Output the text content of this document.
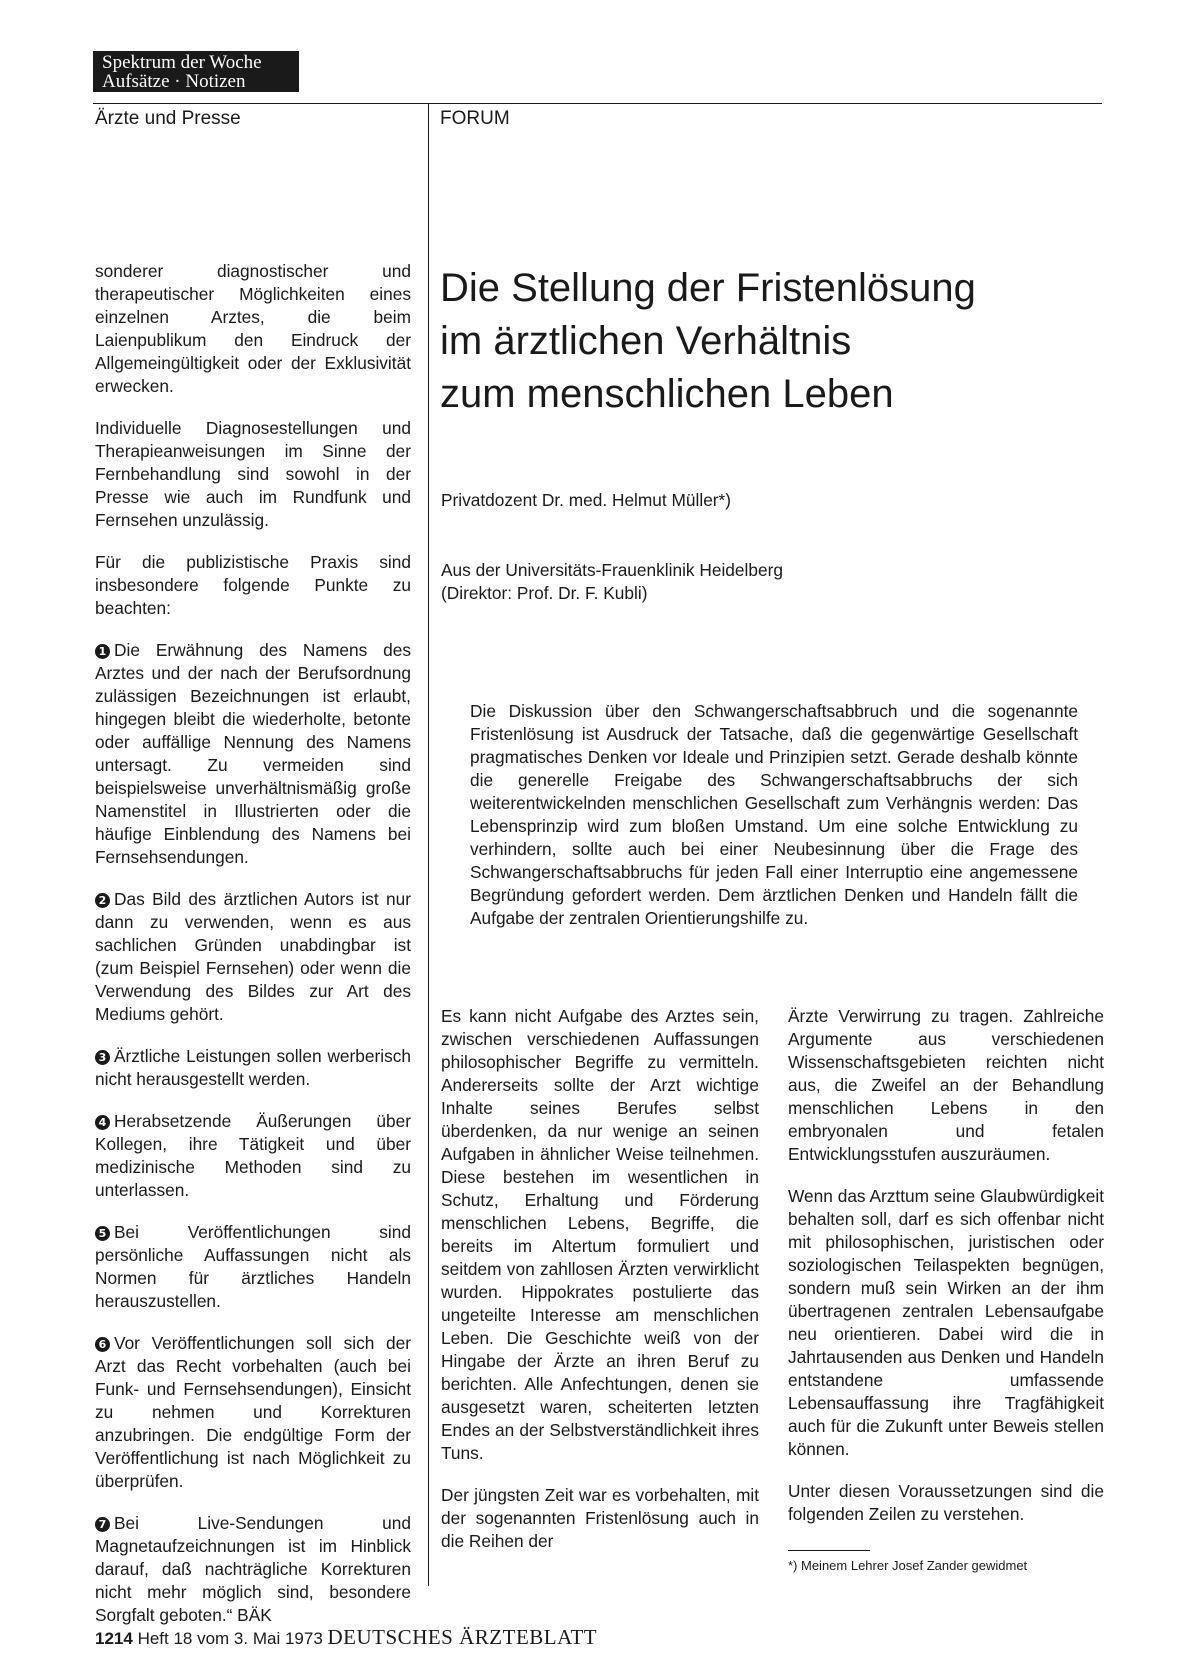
Spektrum der Woche
Aufsätze · Notizen
Ärzte und Presse	FORUM

sonderer diagnostischer und therapeutischer Möglichkeiten eines einzelnen Arztes, die beim Laienpublikum den Eindruck der Allgemeingültigkeit oder der Exklusivität erwecken.

Individuelle Diagnosestellungen und Therapieanweisungen im Sinne der Fernbehandlung sind sowohl in der Presse wie auch im Rundfunk und Fernsehen unzulässig.

Für die publizistische Praxis sind insbesondere folgende Punkte zu beachten:

1 Die Erwähnung des Namens des Arztes und der nach der Berufsordnung zulässigen Bezeichnungen ist erlaubt, hingegen bleibt die wiederholte, betonte oder auffällige Nennung des Namens untersagt. Zu vermeiden sind beispielsweise unverhältnismäßig große Namenstitel in Illustrierten oder die häufige Einblendung des Namens bei Fernsehsendungen.

2 Das Bild des ärztlichen Autors ist nur dann zu verwenden, wenn es aus sachlichen Gründen unabdingbar ist (zum Beispiel Fernsehen) oder wenn die Verwendung des Bildes zur Art des Mediums gehört.

3 Ärztliche Leistungen sollen werberisch nicht herausgestellt werden.

4 Herabsetzende Äußerungen über Kollegen, ihre Tätigkeit und über medizinische Methoden sind zu unterlassen.

5 Bei Veröffentlichungen sind persönliche Auffassungen nicht als Normen für ärztliches Handeln herauszustellen.

6 Vor Veröffentlichungen soll sich der Arzt das Recht vorbehalten (auch bei Funk- und Fernsehsendungen), Einsicht zu nehmen und Korrekturen anzubringen. Die endgültige Form der Veröffentlichung ist nach Möglichkeit zu überprüfen.

7 Bei Live-Sendungen und Magnetaufzeichnungen ist im Hinblick darauf, daß nachträgliche Korrekturen nicht mehr möglich sind, besondere Sorgfalt geboten.“ BÄK

Die Stellung der Fristenlösung
im ärztlichen Verhältnis
zum menschlichen Leben
Privatdozent Dr. med. Helmut Müller*)
Aus der Universitäts-Frauenklinik Heidelberg
(Direktor: Prof. Dr. F. Kubli)
Die Diskussion über den Schwangerschaftsabbruch und die sogenannte Fristenlösung ist Ausdruck der Tatsache, daß die gegenwärtige Gesellschaft pragmatisches Denken vor Ideale und Prinzipien setzt. Gerade deshalb könnte die generelle Freigabe des Schwangerschaftsabbruchs der sich weiterentwickelnden menschlichen Gesellschaft zum Verhängnis werden: Das Lebensprinzip wird zum bloßen Umstand. Um eine solche Entwicklung zu verhindern, sollte auch bei einer Neubesinnung über die Frage des Schwangerschaftsabbruchs für jeden Fall einer Interruptio eine angemessene Begründung gefordert werden. Dem ärztlichen Denken und Handeln fällt die Aufgabe der zentralen Orientierungshilfe zu.

Es kann nicht Aufgabe des Arztes sein, zwischen verschiedenen Auffassungen philosophischer Begriffe zu vermitteln. Andererseits sollte der Arzt wichtige Inhalte seines Berufes selbst überdenken, da nur wenige an seinen Aufgaben in ähnlicher Weise teilnehmen. Diese bestehen im wesentlichen in Schutz, Erhaltung und Förderung menschlichen Lebens, Begriffe, die bereits im Altertum formuliert und seitdem von zahllosen Ärzten verwirklicht wurden. Hippokrates postulierte das ungeteilte Interesse am menschlichen Leben. Die Geschichte weiß von der Hingabe der Ärzte an ihren Beruf zu berichten. Alle Anfechtungen, denen sie ausgesetzt waren, scheiterten letzten Endes an der Selbstverständlichkeit ihres Tuns.

Der jüngsten Zeit war es vorbehalten, mit der sogenannten Fristenlösung auch in die Reihen der

Ärzte Verwirrung zu tragen. Zahlreiche Argumente aus verschiedenen Wissenschaftsgebieten reichten nicht aus, die Zweifel an der Behandlung menschlichen Lebens in den embryonalen und fetalen Entwicklungsstufen auszuräumen.

Wenn das Arzttum seine Glaubwürdigkeit behalten soll, darf es sich offenbar nicht mit philosophischen, juristischen oder soziologischen Teilaspekten begnügen, sondern muß sein Wirken an der ihm übertragenen zentralen Lebensaufgabe neu orientieren. Dabei wird die in Jahrtausenden aus Denken und Handeln entstandene umfassende Lebensauffassung ihre Tragfähigkeit auch für die Zukunft unter Beweis stellen können.

Unter diesen Voraussetzungen sind die folgenden Zeilen zu verstehen.

*) Meinem Lehrer Josef Zander gewidmet
1214 Heft 18 vom 3. Mai 1973 DEUTSCHES ÄRZTEBLATT
